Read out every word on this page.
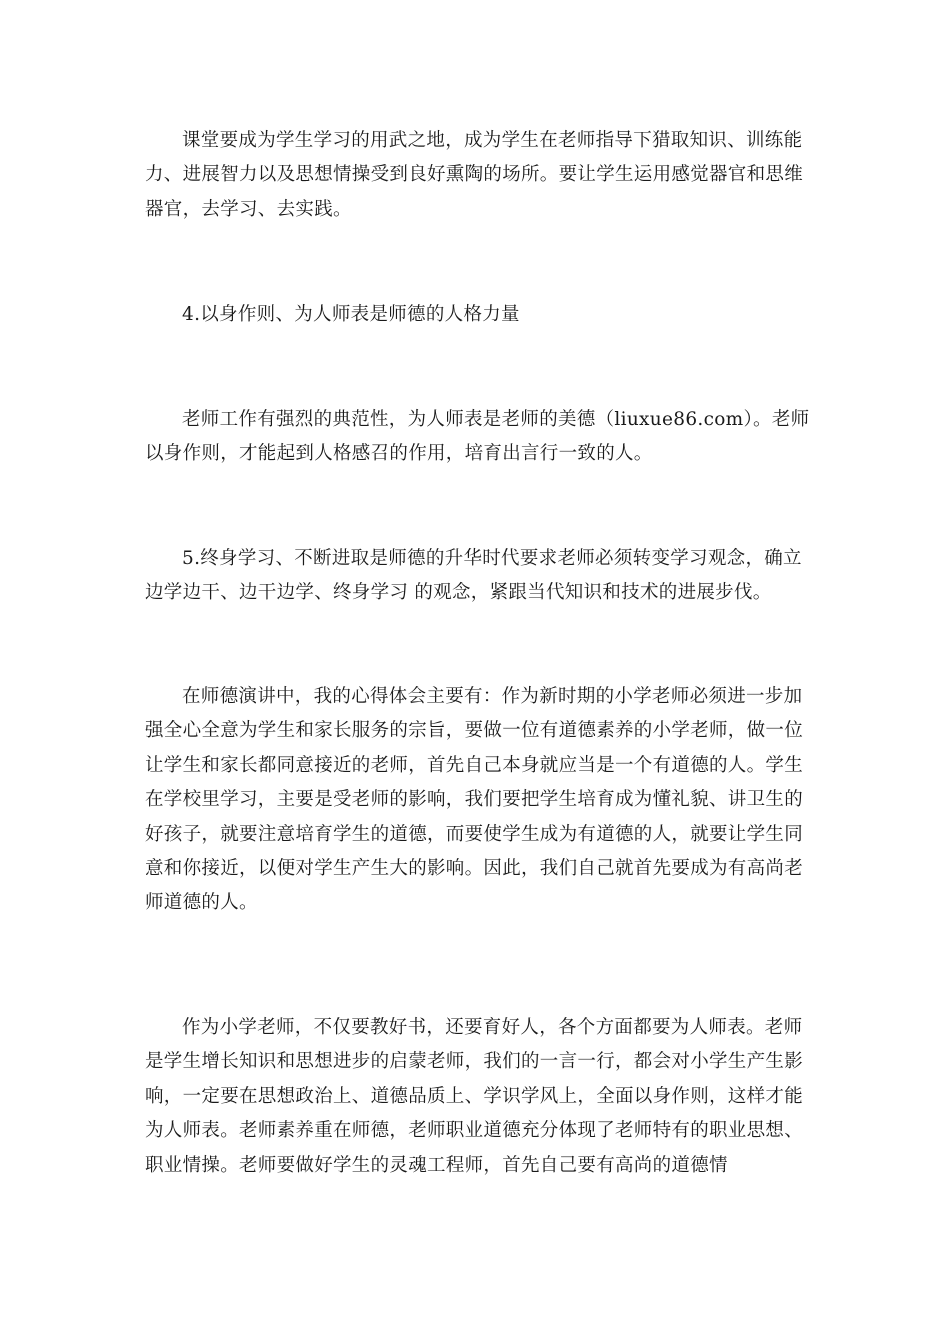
课堂要成为学生学习的用武之地，成为学生在老师指导下猎取知识、训练能力、进展智力以及思想情操受到良好熏陶的场所。要让学生运用感觉器官和思维器官，去学习、去实践。

4.以身作则、为人师表是师德的人格力量

老师工作有强烈的典范性，为人师表是老师的美德（liuxue86.com）。老师以身作则，才能起到人格感召的作用，培育出言行一致的人。

5.终身学习、不断进取是师德的升华时代要求老师必须转变学习观念，确立边学边干、边干边学、终身学习 的观念，紧跟当代知识和技术的进展步伐。

在师德演讲中，我的心得体会主要有：作为新时期的小学老师必须进一步加强全心全意为学生和家长服务的宗旨，要做一位有道德素养的小学老师，做一位让学生和家长都同意接近的老师，首先自己本身就应当是一个有道德的人。学生在学校里学习，主要是受老师的影响，我们要把学生培育成为懂礼貌、讲卫生的好孩子，就要注意培育学生的道德，而要使学生成为有道德的人，就要让学生同意和你接近，以便对学生产生大的影响。因此，我们自己就首先要成为有高尚老师道德的人。

作为小学老师，不仅要教好书，还要育好人，各个方面都要为人师表。老师是学生增长知识和思想进步的启蒙老师，我们的一言一行，都会对小学生产生影响，一定要在思想政治上、道德品质上、学识学风上，全面以身作则，这样才能为人师表。老师素养重在师德，老师职业道德充分体现了老师特有的职业思想、职业情操。老师要做好学生的灵魂工程师，首先自己要有高尚的道德情
